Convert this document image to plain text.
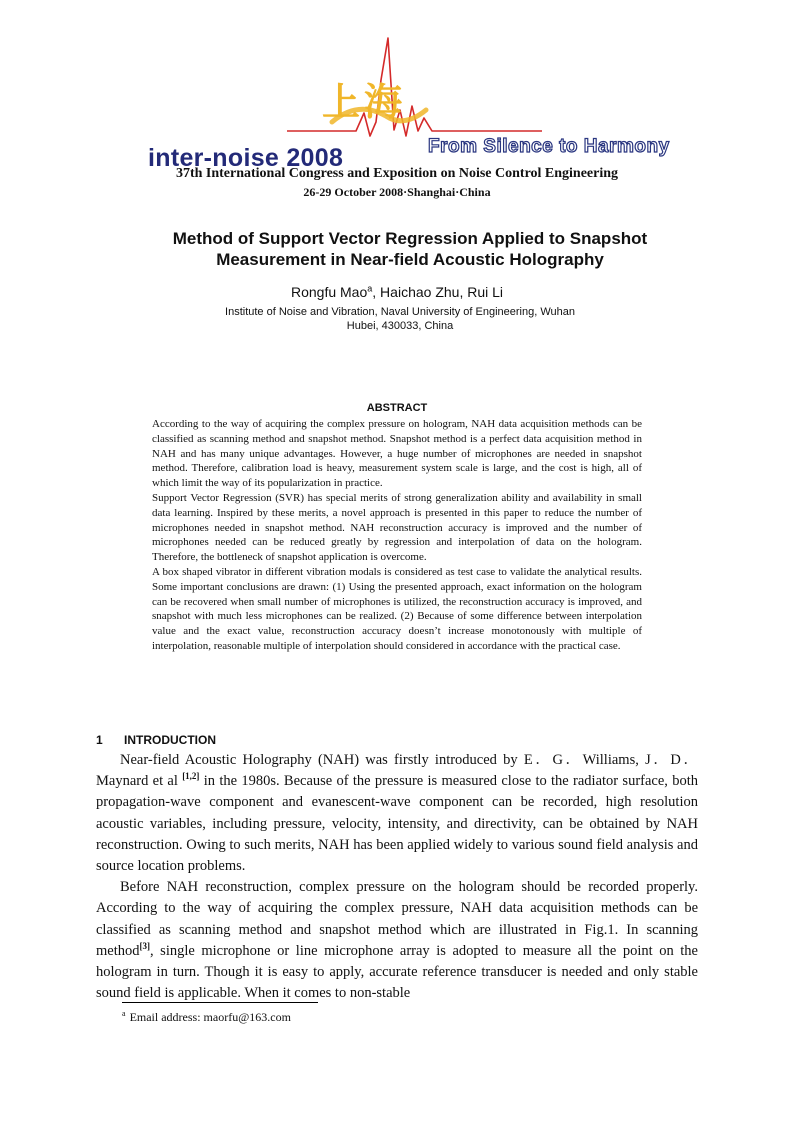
From Silence to Harmony
inter-noise 2008
上海
37th International Congress and Exposition on Noise Control Engineering
26-29 October 2008·Shanghai·China
Method of Support Vector Regression Applied to Snapshot
Measurement in Near-field Acoustic Holography
Rongfu Mao$^a$, Haichao Zhu, Rui Li
Institute of Noise and Vibration, Naval University of Engineering, Wuhan
Hubei, 430033, China
ABSTRACT

According to the way of acquiring the complex pressure on hologram, NAH data acquisition methods can be classified as scanning method and snapshot method. Snapshot method is a perfect data acquisition method in NAH and has many unique advantages. However, a huge number of microphones are needed in snapshot method. Therefore, calibration load is heavy, measurement system scale is large, and the cost is high, all of which limit the way of its popularization in practice.

Support Vector Regression (SVR) has special merits of strong generalization ability and availability in small data learning. Inspired by these merits, a novel approach is presented in this paper to reduce the number of microphones needed in snapshot method. NAH reconstruction accuracy is improved and the number of microphones needed can be reduced greatly by regression and interpolation of data on the hologram. Therefore, the bottleneck of snapshot application is overcome.

A box shaped vibrator in different vibration modals is considered as test case to validate the analytical results. Some important conclusions are drawn: (1) Using the presented approach, exact information on the hologram can be recovered when small number of microphones is utilized, the reconstruction accuracy is improved, and snapshot with much less microphones can be realized. (2) Because of some difference between interpolation value and the exact value, reconstruction accuracy doesn’t increase monotonously with multiple of interpolation, reasonable multiple of interpolation should considered in accordance with the practical case.

1 INTRODUCTION

Near-field Acoustic Holography (NAH) was firstly introduced by E．G．Williams, J．D．Maynard et al [1,2] in the 1980s. Because of the pressure is measured close to the radiator surface, both propagation-wave component and evanescent-wave component can be recorded, high resolution acoustic variables, including pressure, velocity, intensity, and directivity, can be obtained by NAH reconstruction. Owing to such merits, NAH has been applied widely to various sound field analysis and source location problems.

Before NAH reconstruction, complex pressure on the hologram should be recorded properly. According to the way of acquiring the complex pressure, NAH data acquisition methods can be classified as scanning method and snapshot method which are illustrated in Fig.1. In scanning method[3], single microphone or line microphone array is adopted to measure all the point on the hologram in turn. Though it is easy to apply, accurate reference transducer is needed and only stable sound field is applicable. When it comes to non-stable

$^a$ Email address: maorfu@163.com
